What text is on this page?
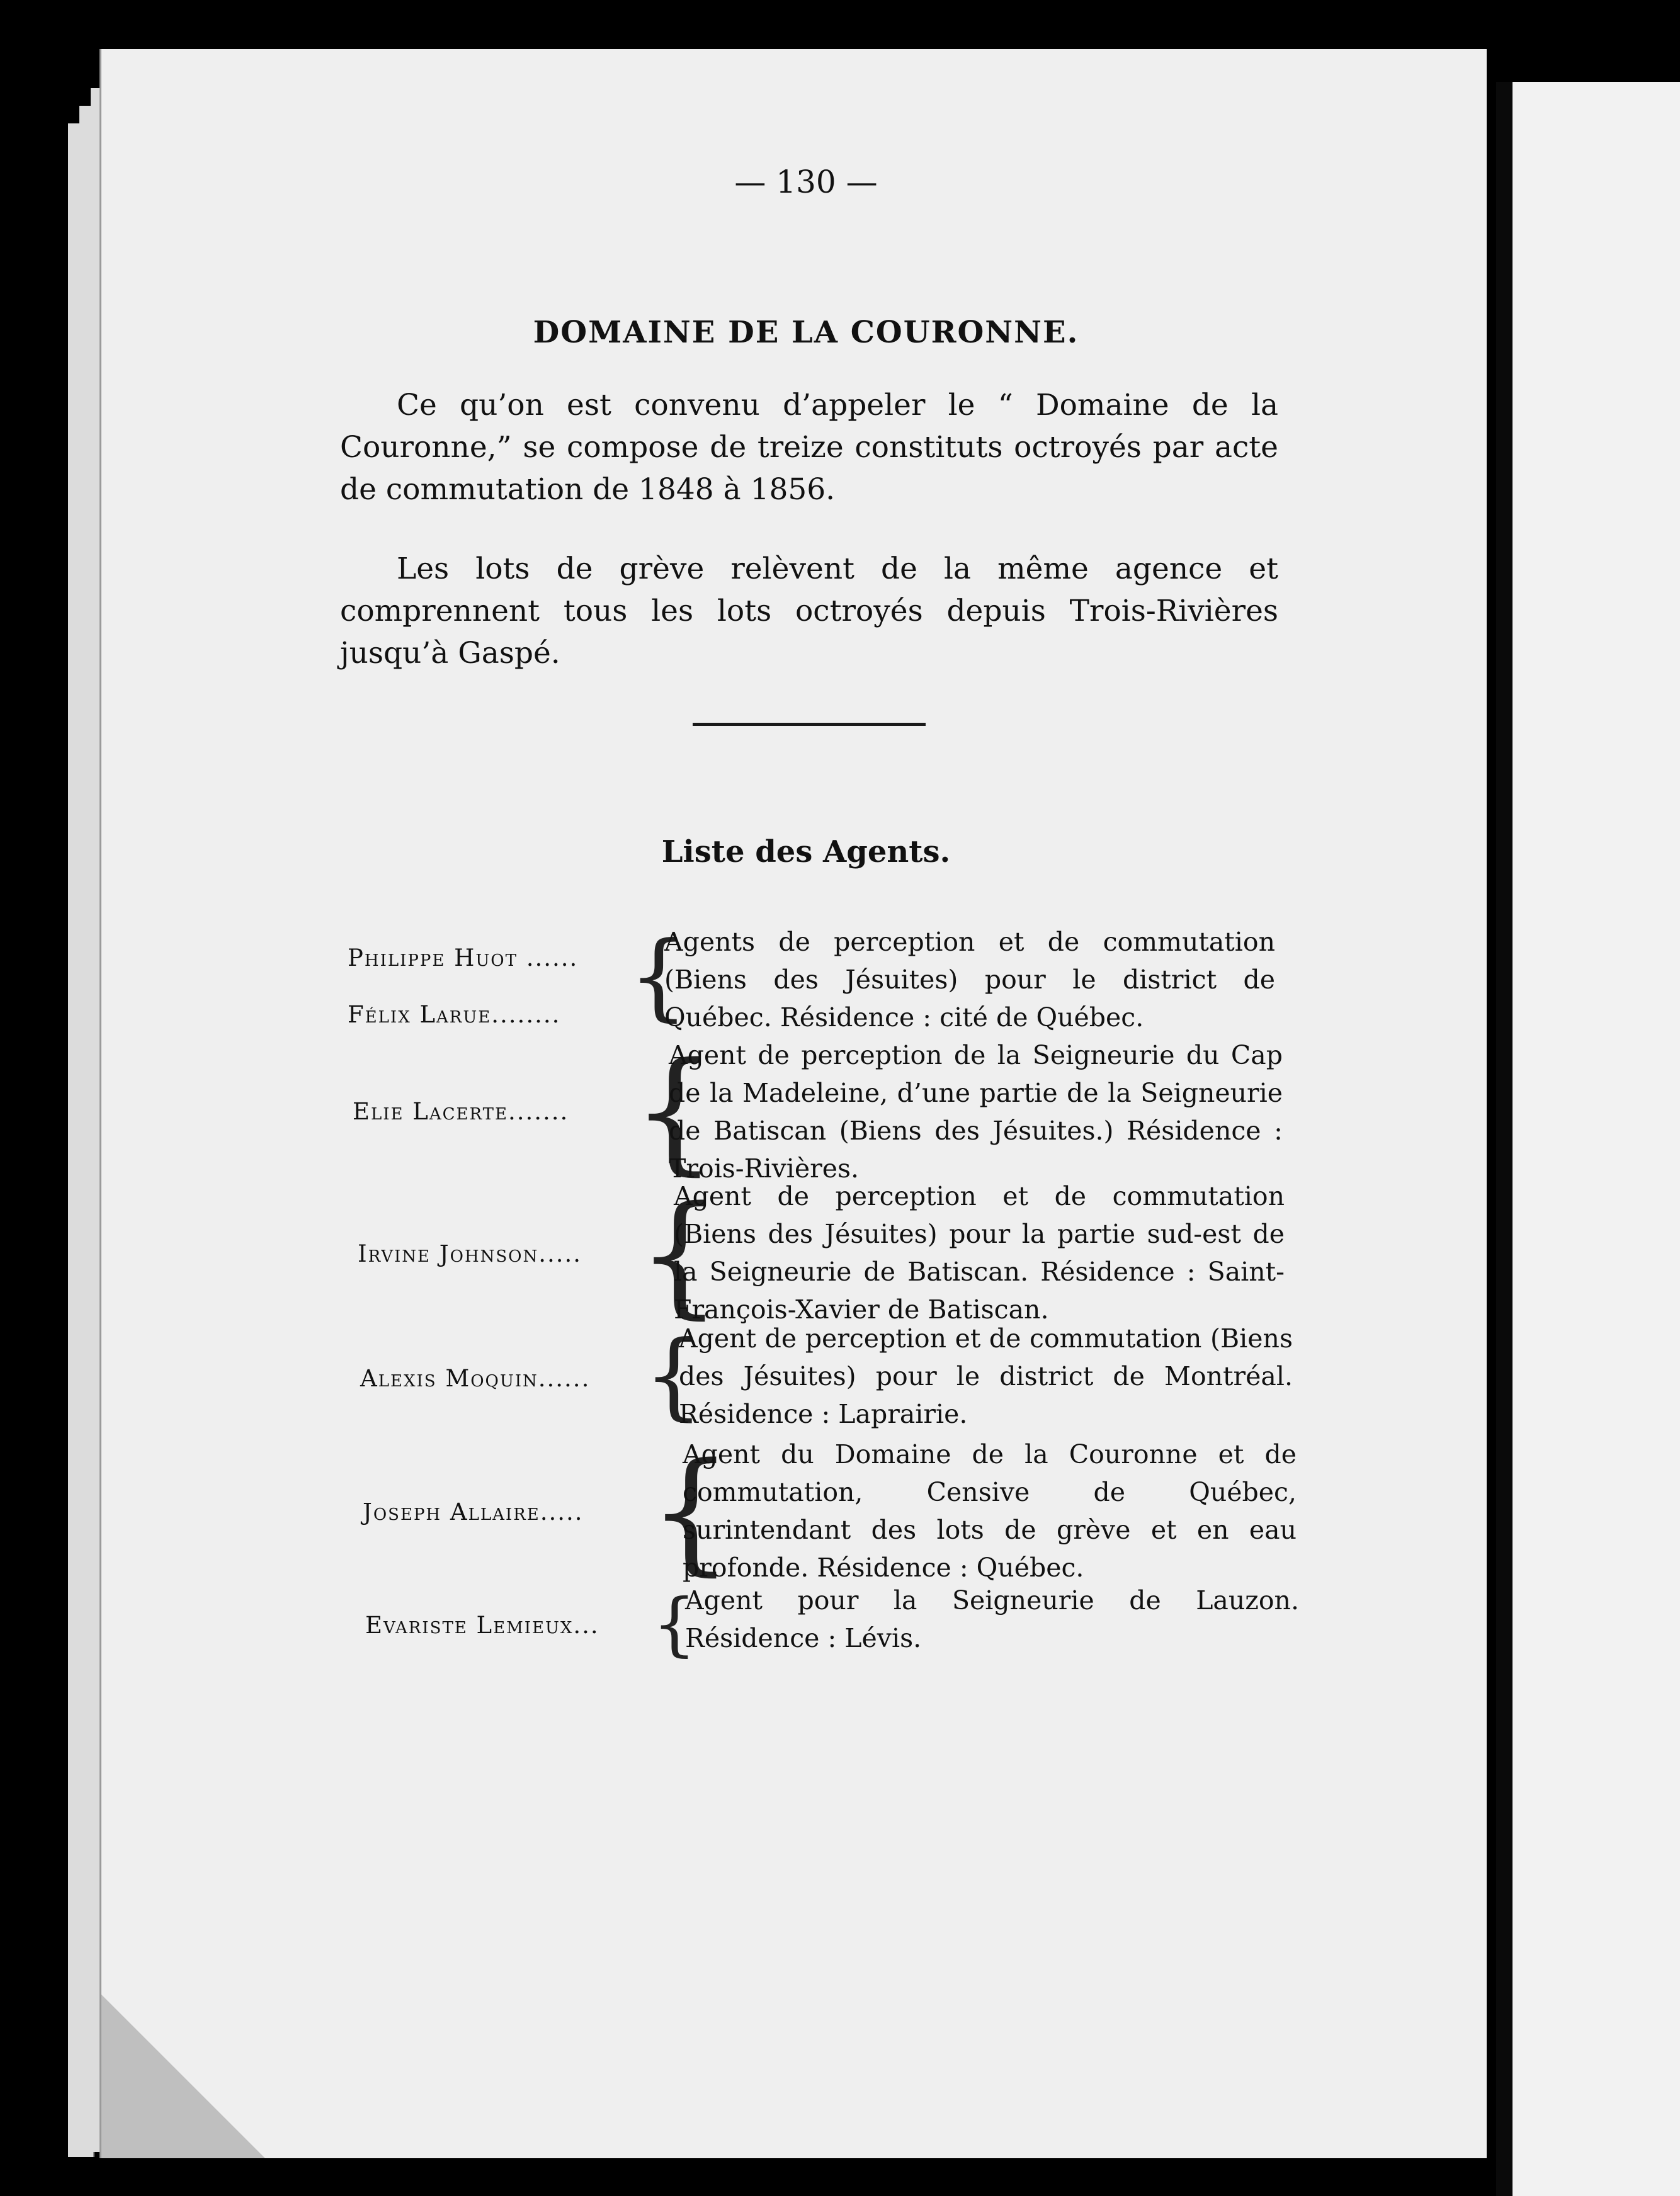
— 130 —
DOMAINE DE LA COURONNE.

Ce qu’on est convenu d’appeler le “ Domaine de la Couronne,” se compose de treize constituts octroyés par acte de commutation de 1848 à 1856.

Les lots de grève relèvent de la même agence et comprennent tous les lots octroyés depuis Trois-Rivières jusqu’à Gaspé.

Liste des Agents.
Philippe Huot ......
Félix Larue........ {

Agents de perception et de commutation (Biens des Jésuites) pour le district de Québec. Résidence : cité de Québec.

Elie Lacerte....... {

Agent de perception de la Seigneurie du Cap de la Madeleine, d’une partie de la Seigneurie de Batiscan (Biens des Jésuites.) Résidence : Trois-Rivières.

Irvine Johnson..... {

Agent de perception et de commutation (Biens des Jésuites) pour la partie sud-est de la Seigneurie de Batiscan. Résidence : Saint-François-Xavier de Batiscan.

Alexis Moquin...... {

Agent de perception et de commutation (Biens des Jésuites) pour le district de Montréal. Résidence : Laprairie.

Joseph Allaire..... {

Agent du Domaine de la Couronne et de commutation, Censive de Québec, surintendant des lots de grève et en eau profonde. Résidence : Québec.

Evariste Lemieux... {

Agent pour la Seigneurie de Lauzon. Résidence : Lévis.
